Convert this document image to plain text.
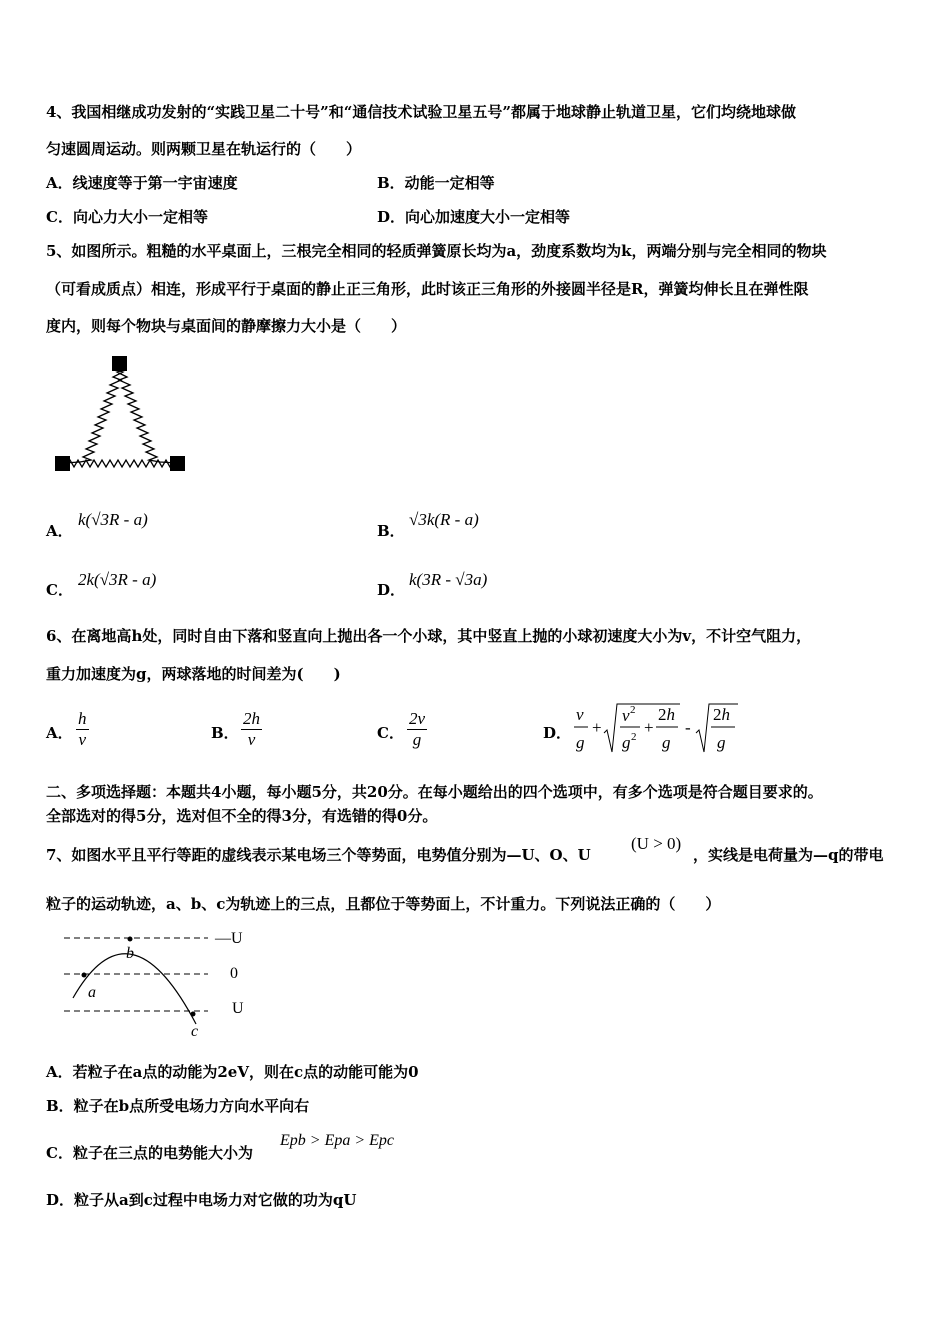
4、我国相继成功发射的“实践卫星二十号”和“通信技术试验卫星五号”都属于地球静止轨道卫星，它们均绕地球做
匀速圆周运动。则两颗卫星在轨运行的（　　）
A．线速度等于第一宇宙速度	B．动能一定相等
C．向心力大小一定相等	D．向心加速度大小一定相等
5、如图所示。粗糙的水平桌面上，三根完全相同的轻质弹簧原长均为a，劲度系数均为k，两端分别与完全相同的物块
（可看成质点）相连，形成平行于桌面的静止正三角形，此时该正三角形的外接圆半径是R，弹簧均伸长且在弹性限
度内，则每个物块与桌面间的静摩擦力大小是（　　）
A．
k(√3R - a)
B．
√3k(R - a)
C．
2k(√3R - a)
D．
k(3R - √3a)
6、在离地高h处，同时自由下落和竖直向上抛出各一个小球，其中竖直上抛的小球初速度大小为v，不计空气阻力，
重力加速度为g，两球落地的时间差为(　　)
A．
h
v	B．
2h
v	C．
2v
g	D．
v
g
+
v 2
g 2 +
2h
g
-
2h
g
二、多项选择题：本题共4小题，每小题5分，共20分。在每小题给出的四个选项中，有多个选项是符合题目要求的。
全部选对的得5分，选对但不全的得3分，有选错的得0分。
7、如图水平且平行等距的虚线表示某电场三个等势面，电势值分别为—U、O、U
(U > 0)
，实线是电荷量为—q的带电
粒子的运动轨迹，a、b、c为轨迹上的三点，且都位于等势面上，不计重力。下列说法正确的（　　）
—U
0
U
b
a
c
A．若粒子在a点的动能为2eV，则在c点的动能可能为0
B．粒子在b点所受电场力方向水平向右
C．粒子在三点的电势能大小为
Epb > Epa > Epc
D．粒子从a到c过程中电场力对它做的功为qU
